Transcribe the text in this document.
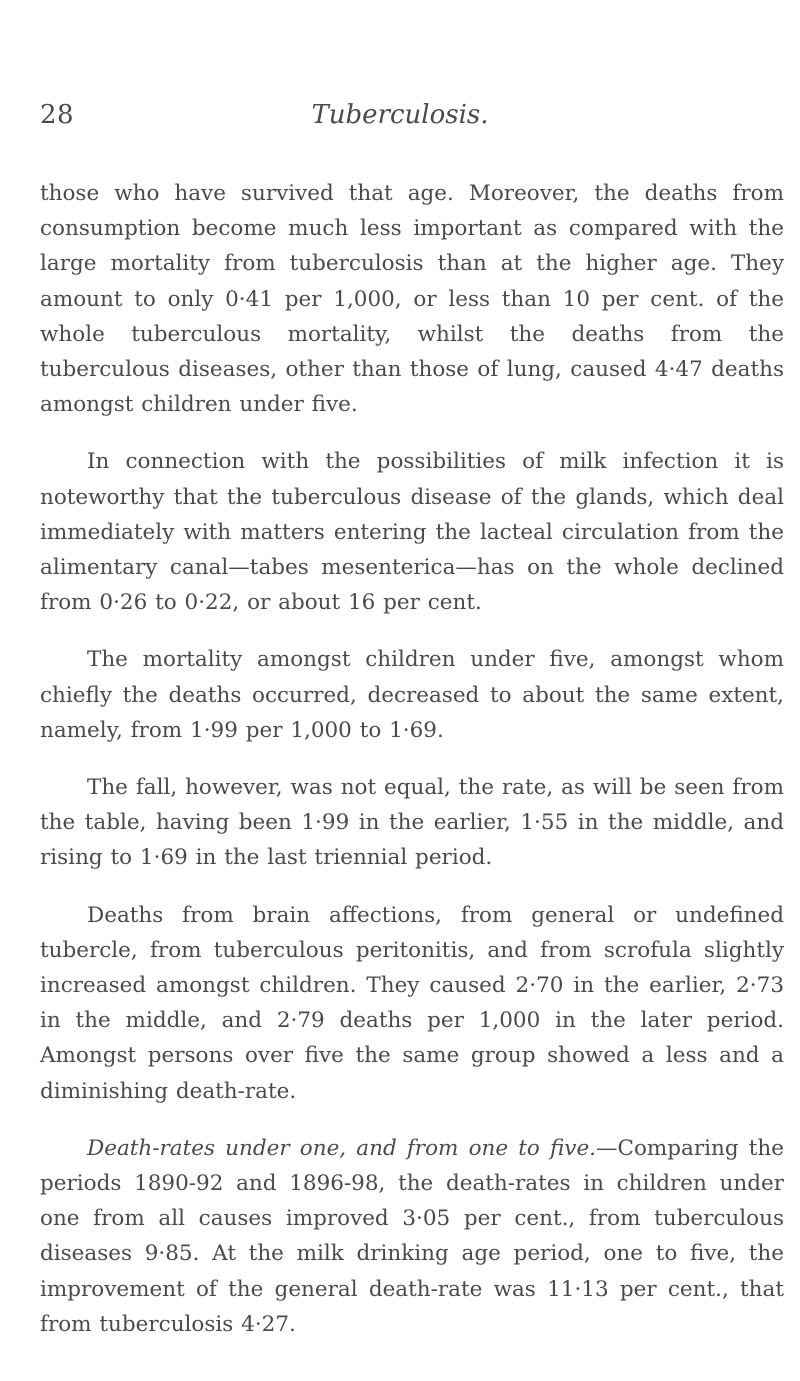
28	Tuberculosis.

those who have survived that age. Moreover, the deaths from consumption become much less important as compared with the large mortality from tuberculosis than at the higher age. They amount to only 0·41 per 1,000, or less than 10 per cent. of the whole tuberculous mortality, whilst the deaths from the tuberculous diseases, other than those of lung, caused 4·47 deaths amongst children under five.

In connection with the possibilities of milk infection it is noteworthy that the tuberculous disease of the glands, which deal immediately with matters entering the lacteal circulation from the alimentary canal—tabes mesenterica—has on the whole declined from 0·26 to 0·22, or about 16 per cent.

The mortality amongst children under five, amongst whom chiefly the deaths occurred, decreased to about the same extent, namely, from 1·99 per 1,000 to 1·69.

The fall, however, was not equal, the rate, as will be seen from the table, having been 1·99 in the earlier, 1·55 in the middle, and rising to 1·69 in the last triennial period.

Deaths from brain affections, from general or undefined tubercle, from tuberculous peritonitis, and from scrofula slightly increased amongst children. They caused 2·70 in the earlier, 2·73 in the middle, and 2·79 deaths per 1,000 in the later period. Amongst persons over five the same group showed a less and a diminishing death-rate.

Death-rates under one, and from one to five.—Comparing the periods 1890-92 and 1896-98, the death-rates in children under one from all causes improved 3·05 per cent., from tuberculous diseases 9·85. At the milk drinking age period, one to five, the improvement of the general death-rate was 11·13 per cent., that from tuberculosis 4·27.
